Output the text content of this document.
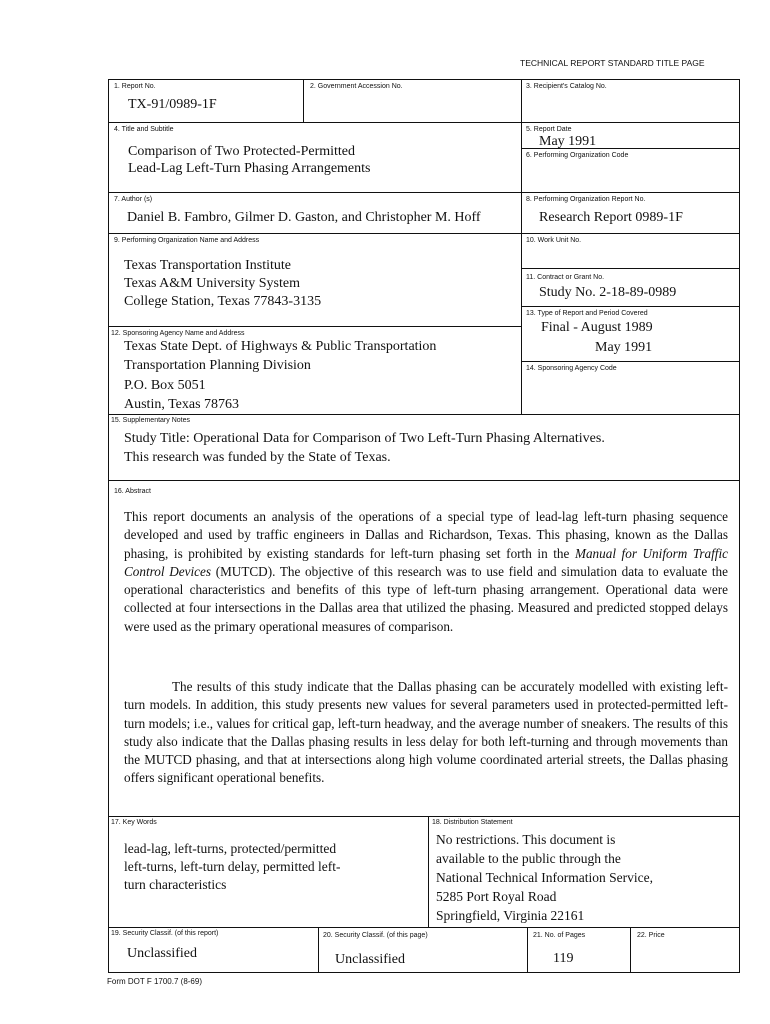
TECHNICAL REPORT STANDARD TITLE PAGE
1. Report No.
TX-91/0989-1F
2. Government Accession No.	3. Recipient's Catalog No.
4. Title and Subtitle
Comparison of Two Protected-Permitted
Lead-Lag Left-Turn Phasing Arrangements
5. Report Date
May 1991
6. Performing Organization Code
7. Author (s)
Daniel B. Fambro, Gilmer D. Gaston, and Christopher M. Hoff
8. Performing Organization Report No.
Research Report 0989-1F
9. Performing Organization Name and Address
Texas Transportation Institute
Texas A&M University System
College Station, Texas 77843-3135
10. Work Unit No.
11. Contract or Grant No.
Study No. 2-18-89-0989
13. Type of Report and Period Covered
Final - August 1989
May 1991
12. Sponsoring Agency Name and Address
Texas State Dept. of Highways & Public Transportation
Transportation Planning Division
P.O. Box 5051
Austin, Texas 78763
14. Sponsoring Agency Code
15. Supplementary Notes
Study Title: Operational Data for Comparison of Two Left-Turn Phasing Alternatives.
This research was funded by the State of Texas.
16. Abstract
This report documents an analysis of the operations of a special type of lead-lag left-turn phasing sequence developed and used by traffic engineers in Dallas and Richardson, Texas. This phasing, known as the Dallas phasing, is prohibited by existing standards for left-turn phasing set forth in the Manual for Uniform Traffic Control Devices (MUTCD). The objective of this research was to use field and simulation data to evaluate the operational characteristics and benefits of this type of left-turn phasing arrangement. Operational data were collected at four intersections in the Dallas area that utilized the phasing. Measured and predicted stopped delays were used as the primary operational measures of comparison.
The results of this study indicate that the Dallas phasing can be accurately modelled with existing left-turn models. In addition, this study presents new values for several parameters used in protected-permitted left-turn models; i.e., values for critical gap, left-turn headway, and the average number of sneakers. The results of this study also indicate that the Dallas phasing results in less delay for both left-turning and through movements than the MUTCD phasing, and that at intersections along high volume coordinated arterial streets, the Dallas phasing offers significant operational benefits.
17. Key Words
lead-lag, left-turns, protected/permitted
left-turns, left-turn delay, permitted left-
turn characteristics
18. Distribution Statement
No restrictions. This document is
available to the public through the
National Technical Information Service,
5285 Port Royal Road
Springfield, Virginia 22161
19. Security Classif. (of this report)
Unclassified
20. Security Classif. (of this page)
Unclassified
21. No. of Pages
119
22. Price
Form DOT F 1700.7 (8-69)
